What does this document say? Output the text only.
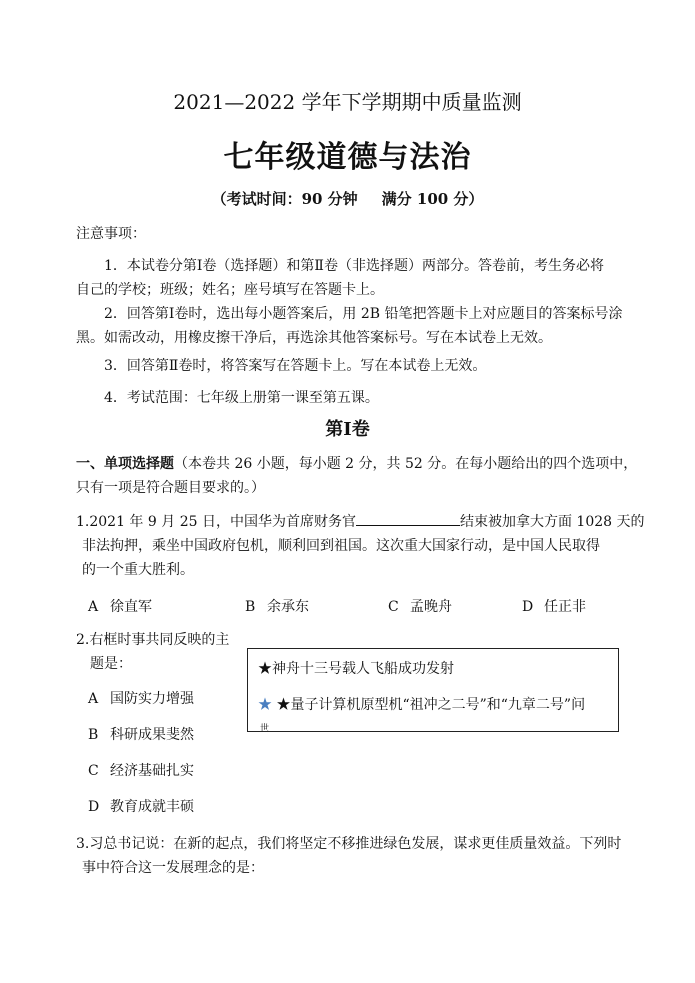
2021—2022 学年下学期期中质量监测
七年级道德与法治
（考试时间：90 分钟 满分 100 分）
注意事项：
1．本试卷分第Ⅰ卷（选择题）和第Ⅱ卷（非选择题）两部分。答卷前，考生务必将
自己的学校；班级；姓名；座号填写在答题卡上。
2．回答第Ⅰ卷时，选出每小题答案后，用 2B 铅笔把答题卡上对应题目的答案标号涂
黑。如需改动，用橡皮擦干净后，再选涂其他答案标号。写在本试卷上无效。
3．回答第Ⅱ卷时，将答案写在答题卡上。写在本试卷上无效。
4．考试范围：七年级上册第一课至第五课。
第Ⅰ卷
一、单项选择题（本卷共 26 小题，每小题 2 分，共 52 分。在每小题给出的四个选项中，
只有一项是符合题目要求的。）
1.2021 年 9 月 25 日，中国华为首席财务官	结束被加拿大方面 1028 天的
非法拘押，乘坐中国政府包机，顺利回到祖国。这次重大国家行动，是中国人民取得
的一个重大胜利。
A 徐直军	B 余承东	C 孟晚舟	D 任正非
2.右框时事共同反映的主
题是：	★神舟十三号载人飞船成功发射
★ ★量子计算机原型机“祖冲之二号”和“九章二号”问
世
A 国防实力增强
B 科研成果斐然
C 经济基础扎实
D 教育成就丰硕
3.习总书记说：在新的起点，我们将坚定不移推进绿色发展，谋求更佳质量效益。下列时
事中符合这一发展理念的是：
